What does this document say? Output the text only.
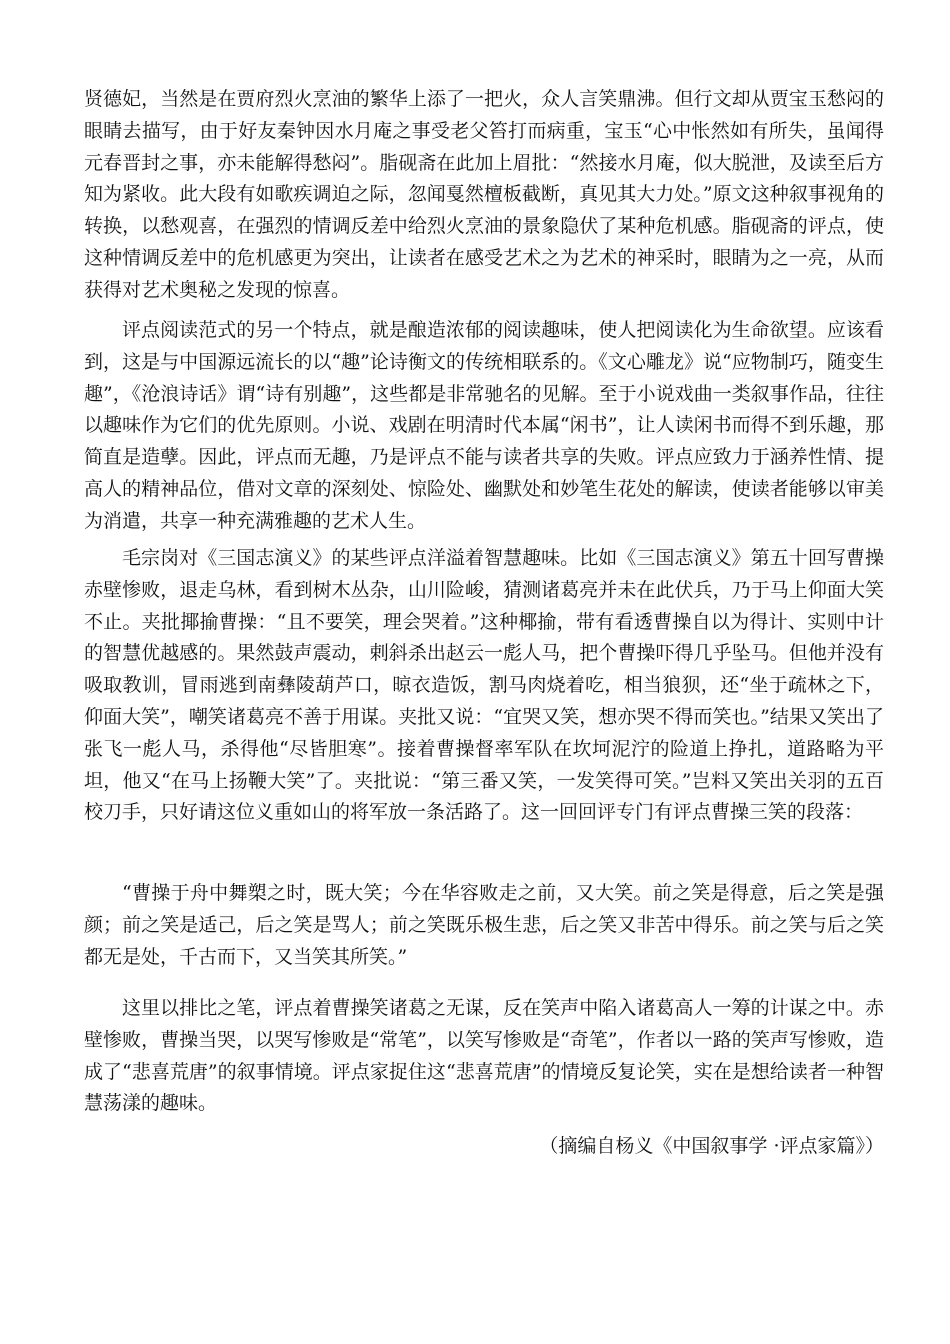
贤德妃，当然是在贾府烈火烹油的繁华上添了一把火，众人言笑鼎沸。但行文却从贾宝玉愁闷的眼睛去描写，由于好友秦钟因水月庵之事受老父笞打而病重，宝玉“心中怅然如有所失，虽闻得元春晋封之事，亦未能解得愁闷”。脂砚斋在此加上眉批：“然接水月庵，似大脱泄，及读至后方知为紧收。此大段有如歌疾调迫之际，忽闻戛然檀板截断，真见其大力处。”原文这种叙事视角的转换，以愁观喜，在强烈的情调反差中给烈火烹油的景象隐伏了某种危机感。脂砚斋的评点，使这种情调反差中的危机感更为突出，让读者在感受艺术之为艺术的神采时，眼睛为之一亮，从而获得对艺术奥秘之发现的惊喜。

评点阅读范式的另一个特点，就是酿造浓郁的阅读趣味，使人把阅读化为生命欲望。应该看到，这是与中国源远流长的以“趣”论诗衡文的传统相联系的。《文心雕龙》说“应物制巧，随变生趣”，《沧浪诗话》谓“诗有别趣”，这些都是非常驰名的见解。至于小说戏曲一类叙事作品，往往以趣味作为它们的优先原则。小说、戏剧在明清时代本属“闲书”，让人读闲书而得不到乐趣，那简直是造孽。因此，评点而无趣，乃是评点不能与读者共享的失败。评点应致力于涵养性情、提高人的精神品位，借对文章的深刻处、惊险处、幽默处和妙笔生花处的解读，使读者能够以审美为消遣，共享一种充满雅趣的艺术人生。

毛宗岗对《三国志演义》的某些评点洋溢着智慧趣味。比如《三国志演义》第五十回写曹操赤壁惨败，退走乌林，看到树木丛杂，山川险峻，猜测诸葛亮并未在此伏兵，乃于马上仰面大笑不止。夹批揶揄曹操：“且不要笑，理会哭着。”这种椰揄，带有看透曹操自以为得计、实则中计的智慧优越感的。果然鼓声震动，剌斜杀出赵云一彪人马，把个曹操吓得几乎坠马。但他并没有吸取教训，冒雨逃到南彝陵葫芦口，晾衣造饭，割马肉烧着吃，相当狼狈，还“坐于疏林之下，仰面大笑”，嘲笑诸葛亮不善于用谋。夹批又说：“宜哭又笑，想亦哭不得而笑也。”结果又笑出了张飞一彪人马，杀得他“尽皆胆寒”。接着曹操督率军队在坎坷泥泞的险道上挣扎，道路略为平坦，他又“在马上扬鞭大笑”了。夹批说：“第三番又笑，一发笑得可笑。”岂料又笑出关羽的五百校刀手，只好请这位义重如山的将军放一条活路了。这一回回评专门有评点曹操三笑的段落：

“曹操于舟中舞槊之时，既大笑；今在华容败走之前，又大笑。前之笑是得意，后之笑是强颜；前之笑是适己，后之笑是骂人；前之笑既乐极生悲，后之笑又非苦中得乐。前之笑与后之笑都无是处，千古而下，又当笑其所笑。”

这里以排比之笔，评点着曹操笑诸葛之无谋，反在笑声中陷入诸葛高人一筹的计谋之中。赤壁惨败，曹操当哭，以哭写惨败是“常笔”，以笑写惨败是“奇笔”，作者以一路的笑声写惨败，造成了“悲喜荒唐”的叙事情境。评点家捉住这“悲喜荒唐”的情境反复论笑，实在是想给读者一种智慧荡漾的趣味。

（摘编自杨义《中国叙事学 ·评点家篇》）
